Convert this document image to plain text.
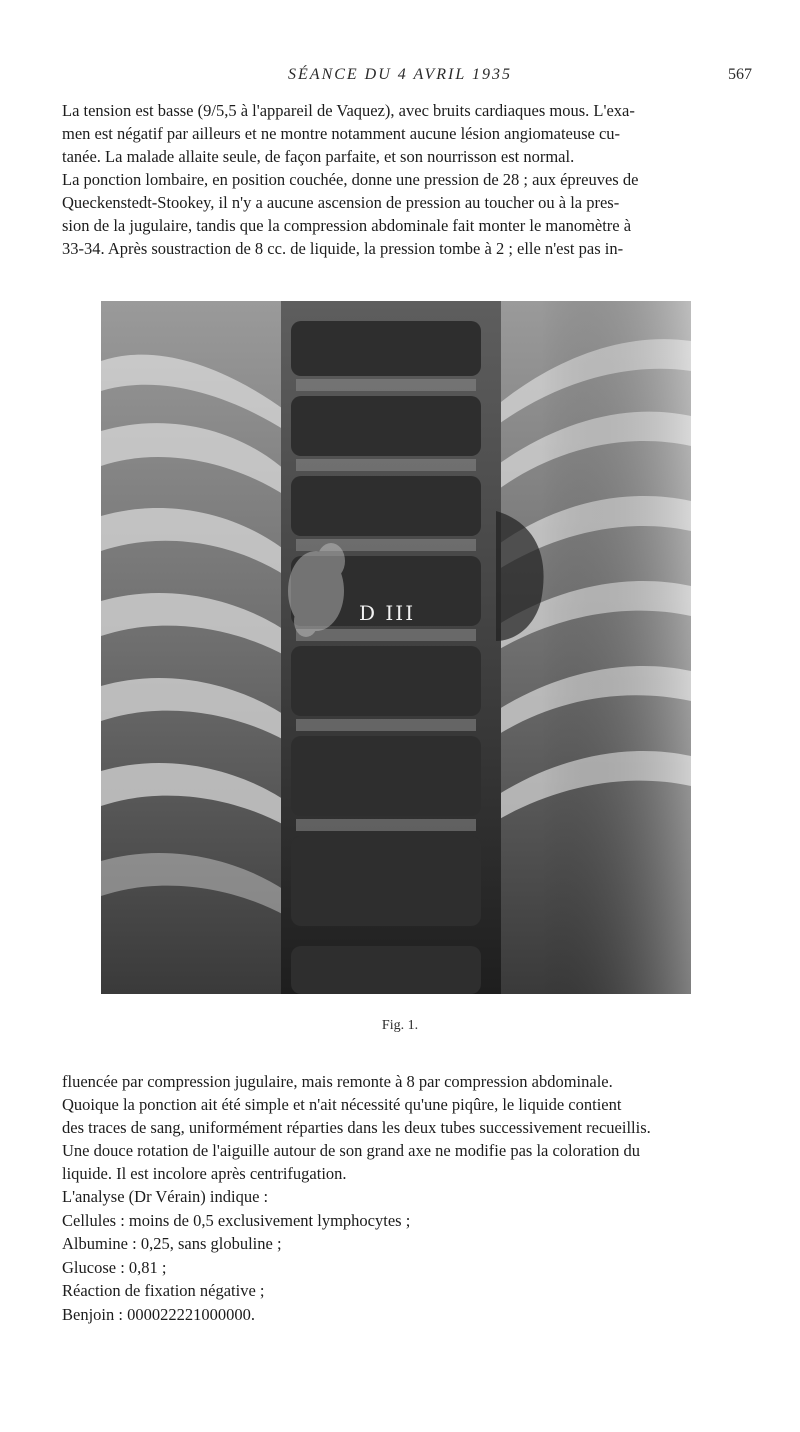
SÉANCE DU 4 AVRIL 1935	567
La tension est basse (9/5,5 à l'appareil de Vaquez), avec bruits cardiaques mous. L'exa-
men est négatif par ailleurs et ne montre notamment aucune lésion angiomateuse cu-
tanée. La malade allaite seule, de façon parfaite, et son nourrisson est normal.
La ponction lombaire, en position couchée, donne une pression de 28 ; aux épreuves de
Queckenstedt-Stookey, il n'y a aucune ascension de pression au toucher ou à la pres-
sion de la jugulaire, tandis que la compression abdominale fait monter le manomètre à
33-34. Après soustraction de 8 cc. de liquide, la pression tombe à 2 ; elle n'est pas in-
D III
Fig. 1.
fluencée par compression jugulaire, mais remonte à 8 par compression abdominale.
Quoique la ponction ait été simple et n'ait nécessité qu'une piqûre, le liquide contient
des traces de sang, uniformément réparties dans les deux tubes successivement recueillis.
Une douce rotation de l'aiguille autour de son grand axe ne modifie pas la coloration du
liquide. Il est incolore après centrifugation.
L'analyse (Dr Vérain) indique :
Cellules : moins de 0,5 exclusivement lymphocytes ;
Albumine : 0,25, sans globuline ;
Glucose : 0,81 ;
Réaction de fixation négative ;
Benjoin : 000022221000000.
